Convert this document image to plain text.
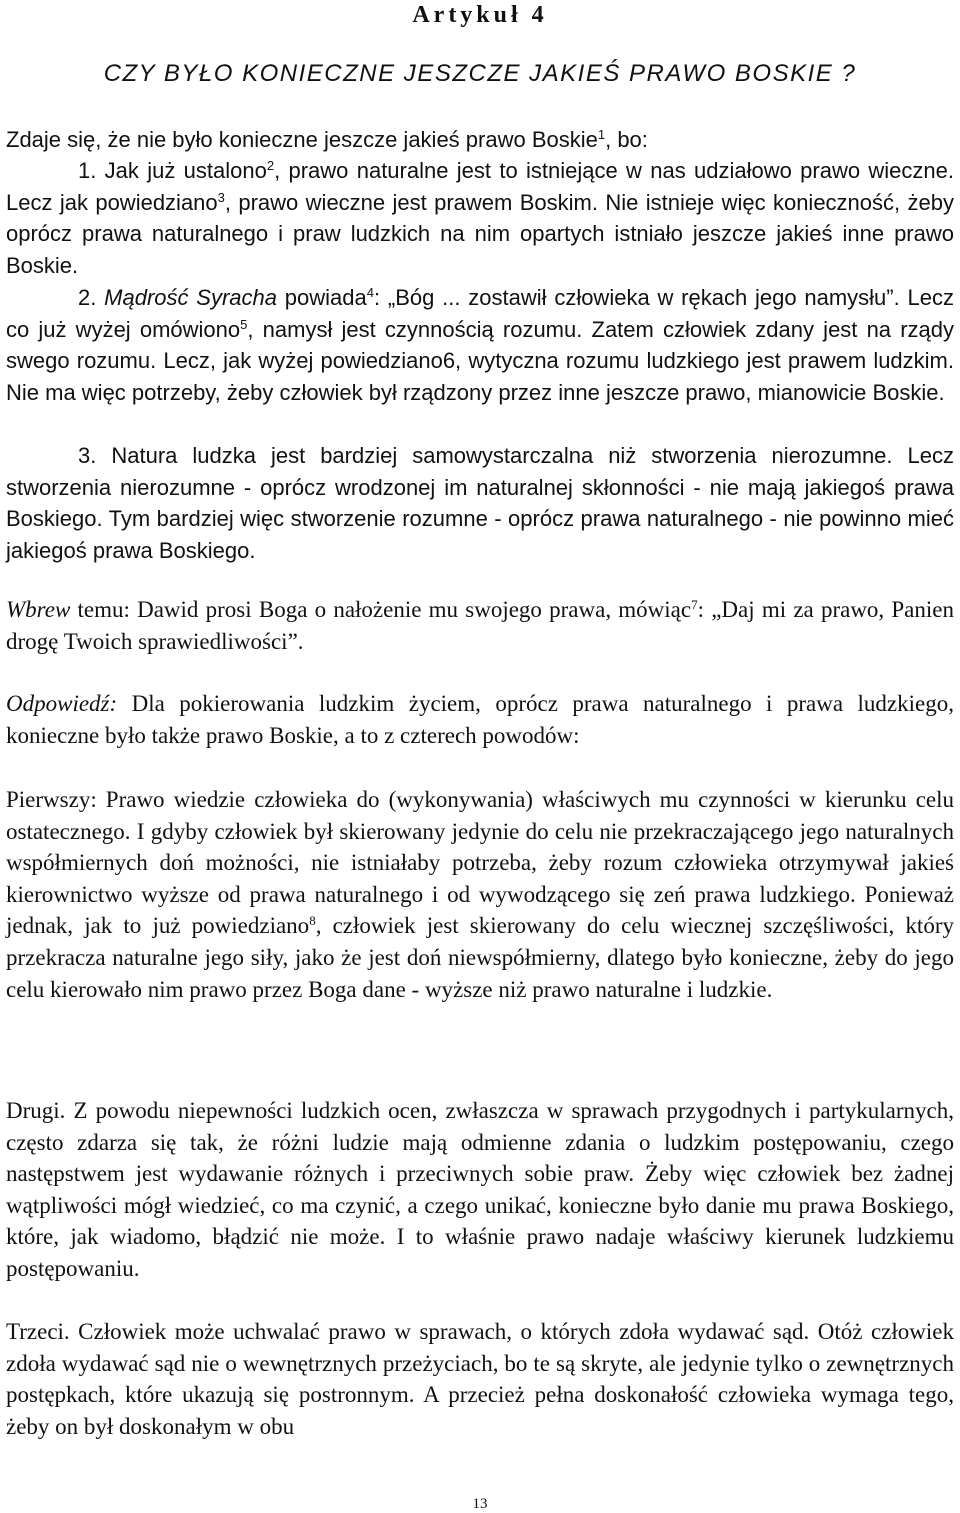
Artykuł 4
CZY BYŁO KONIECZNE JESZCZE JAKIEŚ PRAWO BOSKIE ?
Zdaje się, że nie było konieczne jeszcze jakieś prawo Boskie$^1$, bo:

1. Jak już ustalono$^2$, prawo naturalne jest to istniejące w nas udziałowo prawo wieczne. Lecz jak powiedziano$^3$, prawo wieczne jest prawem Boskim. Nie istnieje więc konieczność, żeby oprócz prawa naturalnego i praw ludzkich na nim opartych istniało jeszcze jakieś inne prawo Boskie.

2. Mądrość Syracha powiada$^4$: „Bóg ... zostawił człowieka w rękach jego namysłu”. Lecz co już wyżej omówiono$^5$, namysł jest czynnością rozumu. Zatem człowiek zdany jest na rządy swego rozumu. Lecz, jak wyżej powiedziano6, wytyczna rozumu ludzkiego jest prawem ludzkim. Nie ma więc potrzeby, żeby człowiek był rządzony przez inne jeszcze prawo, mianowicie Boskie.

3. Natura ludzka jest bardziej samowystarczalna niż stworzenia nierozumne. Lecz stworzenia nierozumne - oprócz wrodzonej im naturalnej skłonności - nie mają jakiegoś prawa Boskiego. Tym bardziej więc stworzenie rozumne - oprócz prawa naturalnego - nie powinno mieć jakiegoś prawa Boskiego.

Wbrew temu: Dawid prosi Boga o nałożenie mu swojego prawa, mówiąc$^7$: „Daj mi za prawo, Panien drogę Twoich sprawiedliwości”.

Odpowiedź: Dla pokierowania ludzkim życiem, oprócz prawa naturalnego i prawa ludzkiego, konieczne było także prawo Boskie, a to z czterech powodów:

Pierwszy: Prawo wiedzie człowieka do (wykonywania) właściwych mu czynności w kierunku celu ostatecznego. I gdyby człowiek był skierowany jedynie do celu nie przekraczającego jego naturalnych współmiernych doń możności, nie istniałaby potrzeba, żeby rozum człowieka otrzymywał jakieś kierownictwo wyższe od prawa naturalnego i od wywodzącego się zeń prawa ludzkiego. Ponieważ jednak, jak to już powiedziano$^8$, człowiek jest skierowany do celu wiecznej szczęśliwości, który przekracza naturalne jego siły, jako że jest doń niewspółmierny, dlatego było konieczne, żeby do jego celu kierowało nim prawo przez Boga dane - wyższe niż prawo naturalne i ludzkie.

Drugi. Z powodu niepewności ludzkich ocen, zwłaszcza w sprawach przygodnych i partykularnych, często zdarza się tak, że różni ludzie mają odmienne zdania o ludzkim postępowaniu, czego następstwem jest wydawanie różnych i przeciwnych sobie praw. Żeby więc człowiek bez żadnej wątpliwości mógł wiedzieć, co ma czynić, a czego unikać, konieczne było danie mu prawa Boskiego, które, jak wiadomo, błądzić nie może. I to właśnie prawo nadaje właściwy kierunek ludzkiemu postępowaniu.

Trzeci. Człowiek może uchwalać prawo w sprawach, o których zdoła wydawać sąd. Otóż człowiek zdoła wydawać sąd nie o wewnętrznych przeżyciach, bo te są skryte, ale jedynie tylko o zewnętrznych postępkach, które ukazują się postronnym. A przecież pełna doskonałość człowieka wymaga tego, żeby on był doskonałym w obu

13
